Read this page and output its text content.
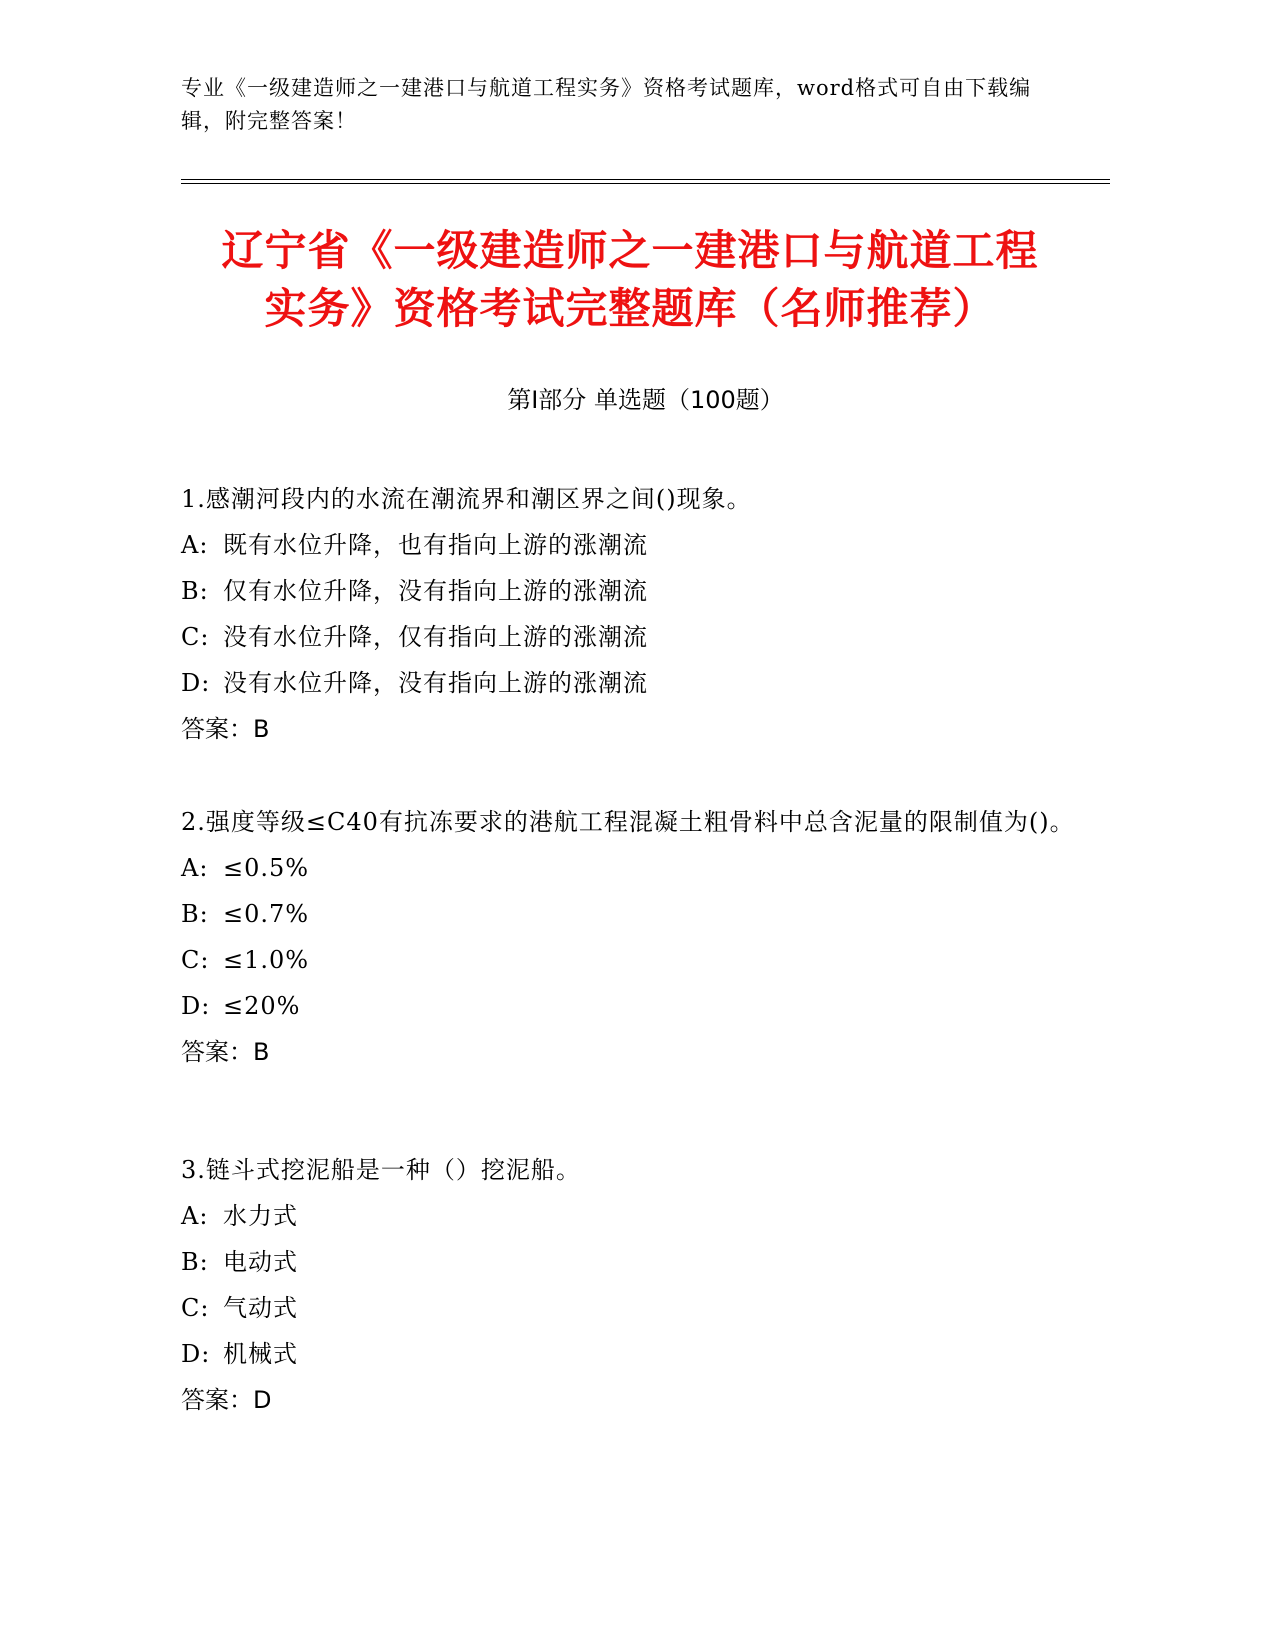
专业《一级建造师之一建港口与航道工程实务》资格考试题库，word格式可自由下载编辑，附完整答案！
辽宁省《一级建造师之一建港口与航道工程
实务》资格考试完整题库（名师推荐）
第Ⅰ部分 单选题（100题）
1.感潮河段内的水流在潮流界和潮区界之间()现象。
A: 既有水位升降，也有指向上游的涨潮流
B: 仅有水位升降，没有指向上游的涨潮流
C: 没有水位升降，仅有指向上游的涨潮流
D: 没有水位升降，没有指向上游的涨潮流
答案：B
2.强度等级≤C40有抗冻要求的港航工程混凝土粗骨料中总含泥量的限制值为()。
A: ≤0.5%
B: ≤0.7%
C: ≤1.0%
D: ≤20%
答案：B
3.链斗式挖泥船是一种（）挖泥船。
A: 水力式
B: 电动式
C: 气动式
D: 机械式
答案：D
